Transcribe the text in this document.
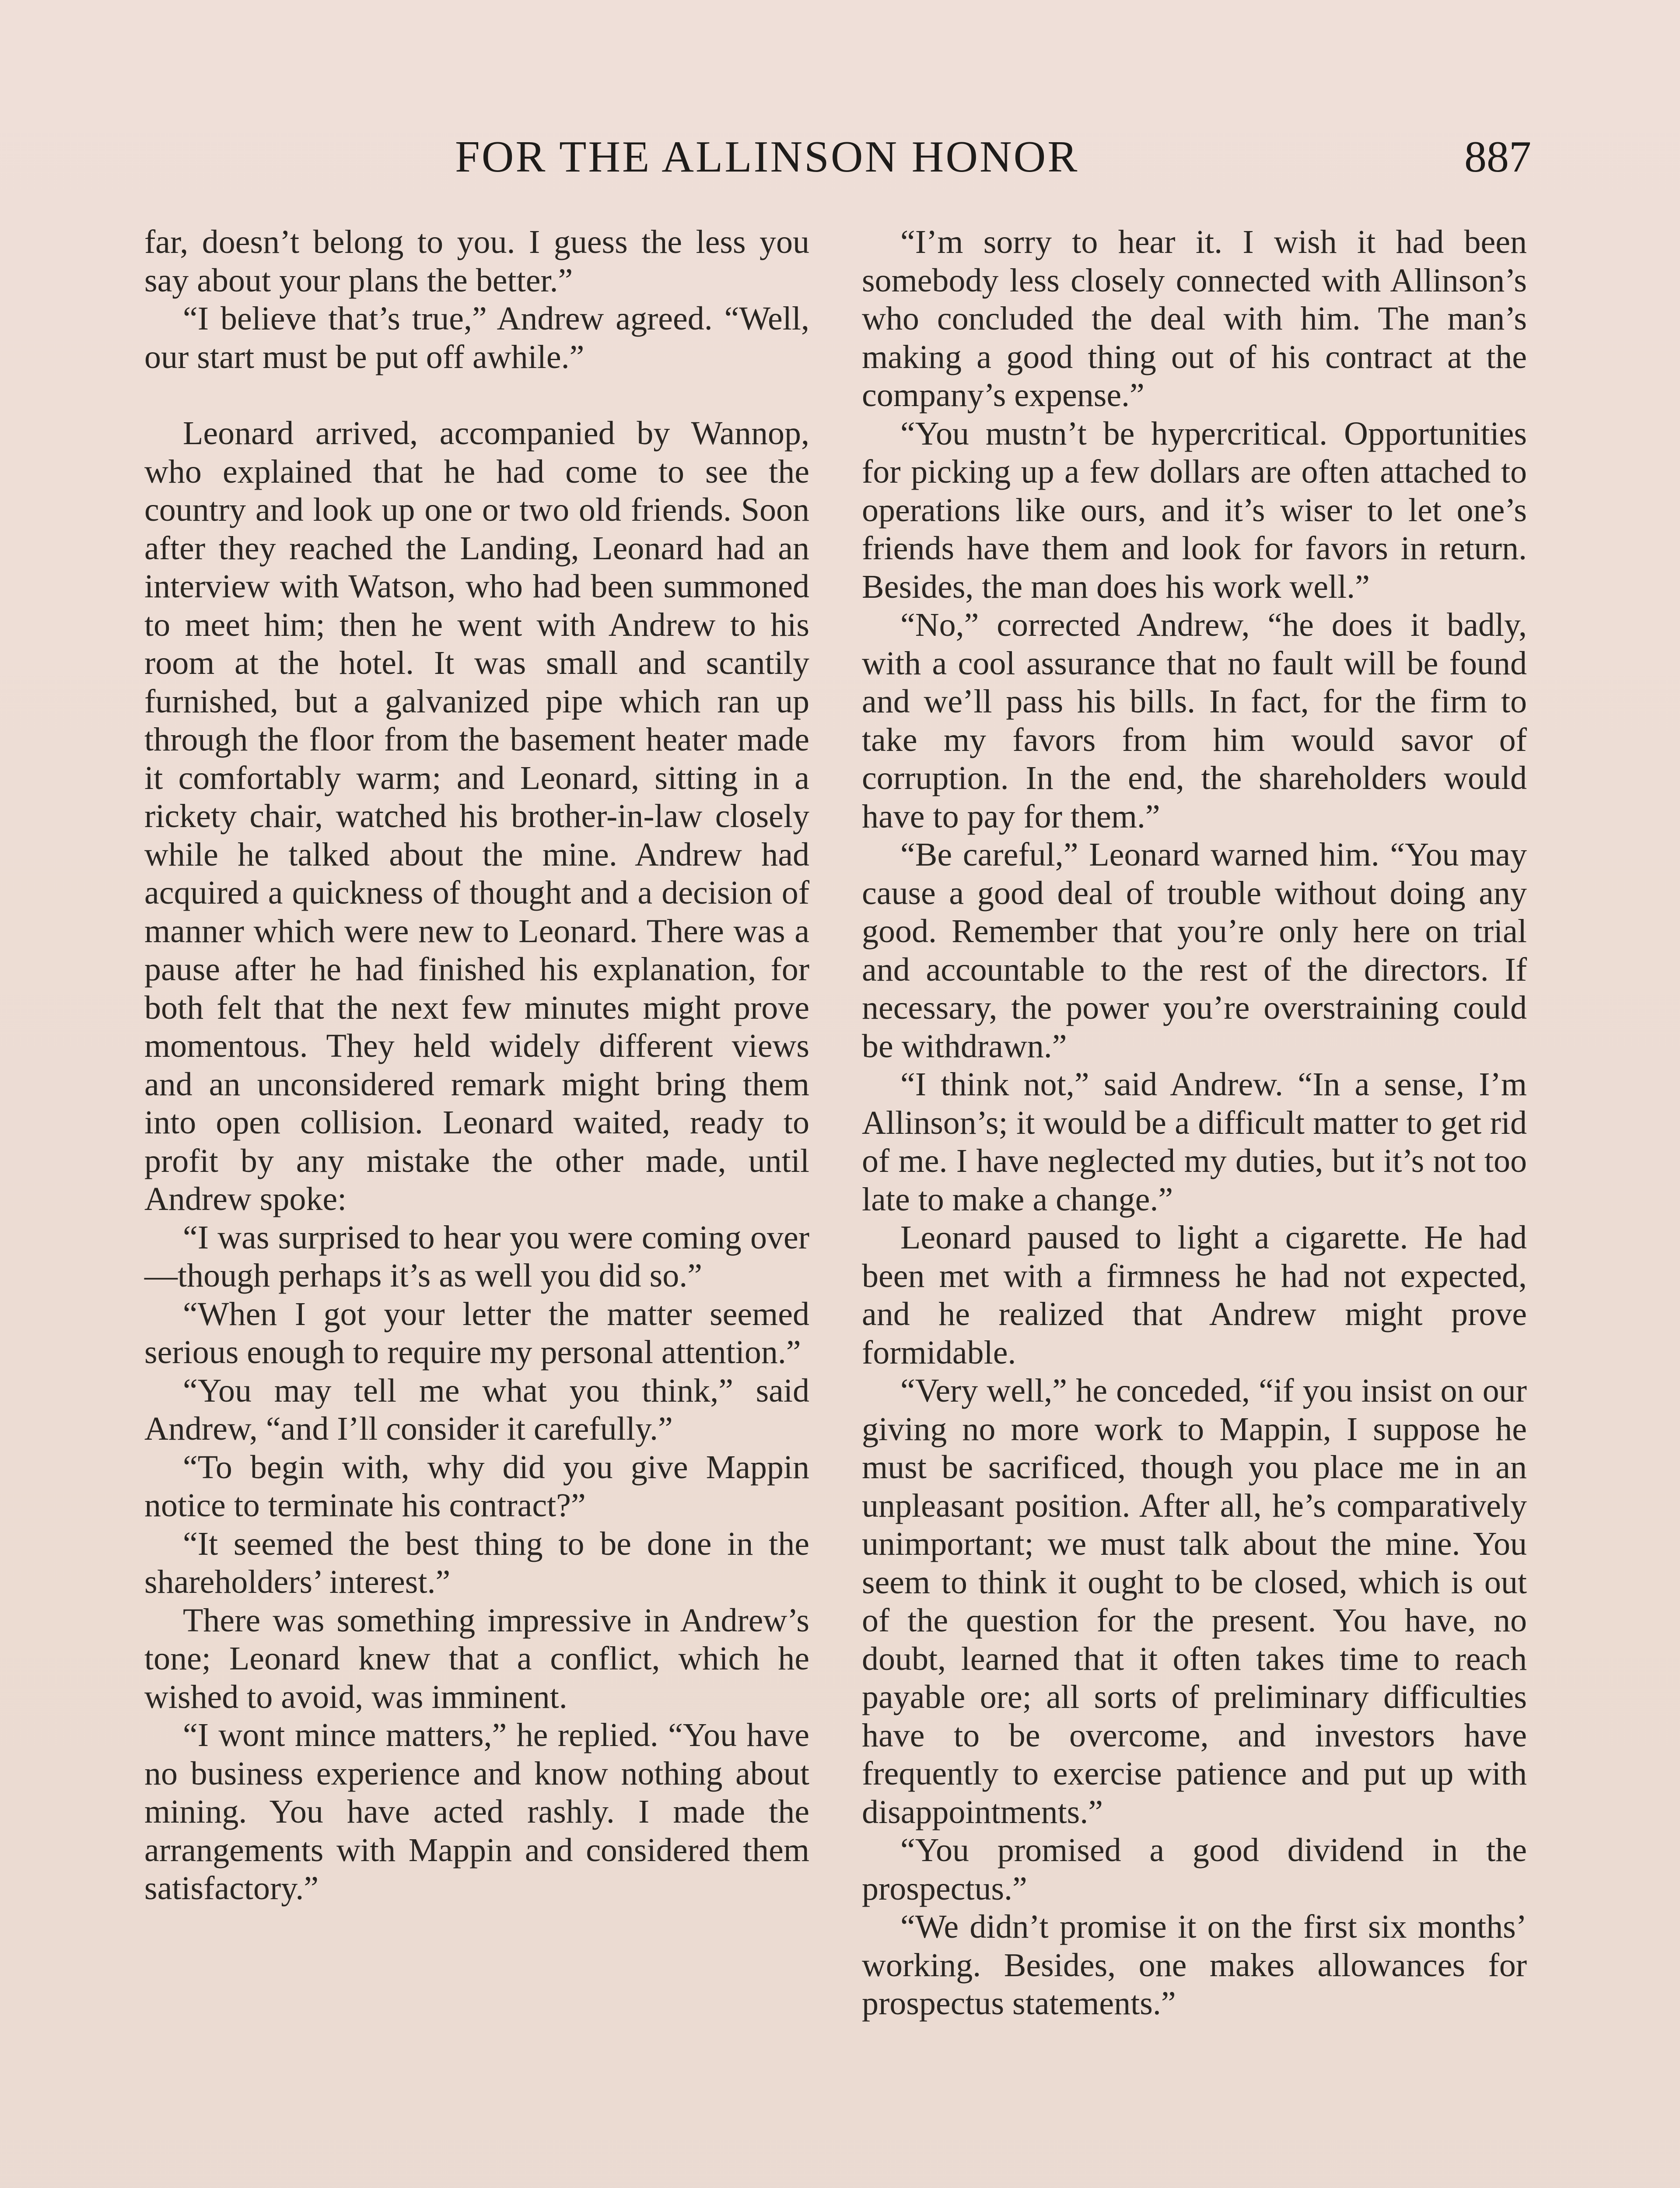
FOR THE ALLINSON HONOR	887

far, doesn’t belong to you. I guess the less you say about your plans the better.”

“I believe that’s true,” Andrew agreed. “Well, our start must be put off awhile.”

Leonard arrived, accompanied by Wannop, who explained that he had come to see the country and look up one or two old friends. Soon after they reached the Landing, Leonard had an interview with Watson, who had been summoned to meet him; then he went with Andrew to his room at the hotel. It was small and scantily furnished, but a galvanized pipe which ran up through the floor from the basement heater made it comfortably warm; and Leonard, sitting in a rickety chair, watched his brother-in-law closely while he talked about the mine. Andrew had acquired a quickness of thought and a decision of manner which were new to Leonard. There was a pause after he had finished his explanation, for both felt that the next few minutes might prove momentous. They held widely different views and an unconsidered remark might bring them into open collision. Leonard waited, ready to profit by any mistake the other made, until Andrew spoke:

“I was surprised to hear you were coming over—though perhaps it’s as well you did so.”

“When I got your letter the matter seemed serious enough to require my personal attention.”

“You may tell me what you think,” said Andrew, “and I’ll consider it carefully.”

“To begin with, why did you give Mappin notice to terminate his contract?”

“It seemed the best thing to be done in the shareholders’ interest.”

There was something impressive in Andrew’s tone; Leonard knew that a conflict, which he wished to avoid, was imminent.

“I wont mince matters,” he replied. “You have no business experience and know nothing about mining. You have acted rashly. I made the arrangements with Mappin and considered them satisfactory.”

“I’m sorry to hear it. I wish it had been somebody less closely connected with Allinson’s who concluded the deal with him. The man’s making a good thing out of his contract at the company’s expense.”

“You mustn’t be hypercritical. Opportunities for picking up a few dollars are often attached to operations like ours, and it’s wiser to let one’s friends have them and look for favors in return. Besides, the man does his work well.”

“No,” corrected Andrew, “he does it badly, with a cool assurance that no fault will be found and we’ll pass his bills. In fact, for the firm to take my favors from him would savor of corruption. In the end, the shareholders would have to pay for them.”

“Be careful,” Leonard warned him. “You may cause a good deal of trouble without doing any good. Remember that you’re only here on trial and accountable to the rest of the directors. If necessary, the power you’re overstraining could be withdrawn.”

“I think not,” said Andrew. “In a sense, I’m Allinson’s; it would be a difficult matter to get rid of me. I have neglected my duties, but it’s not too late to make a change.”

Leonard paused to light a cigarette. He had been met with a firmness he had not expected, and he realized that Andrew might prove formidable.

“Very well,” he conceded, “if you insist on our giving no more work to Mappin, I suppose he must be sacrificed, though you place me in an unpleasant position. After all, he’s comparatively unimportant; we must talk about the mine. You seem to think it ought to be closed, which is out of the question for the present. You have, no doubt, learned that it often takes time to reach payable ore; all sorts of preliminary difficulties have to be overcome, and investors have frequently to exercise patience and put up with disappointments.”

“You promised a good dividend in the prospectus.”

“We didn’t promise it on the first six months’ working. Besides, one makes allowances for prospectus statements.”
